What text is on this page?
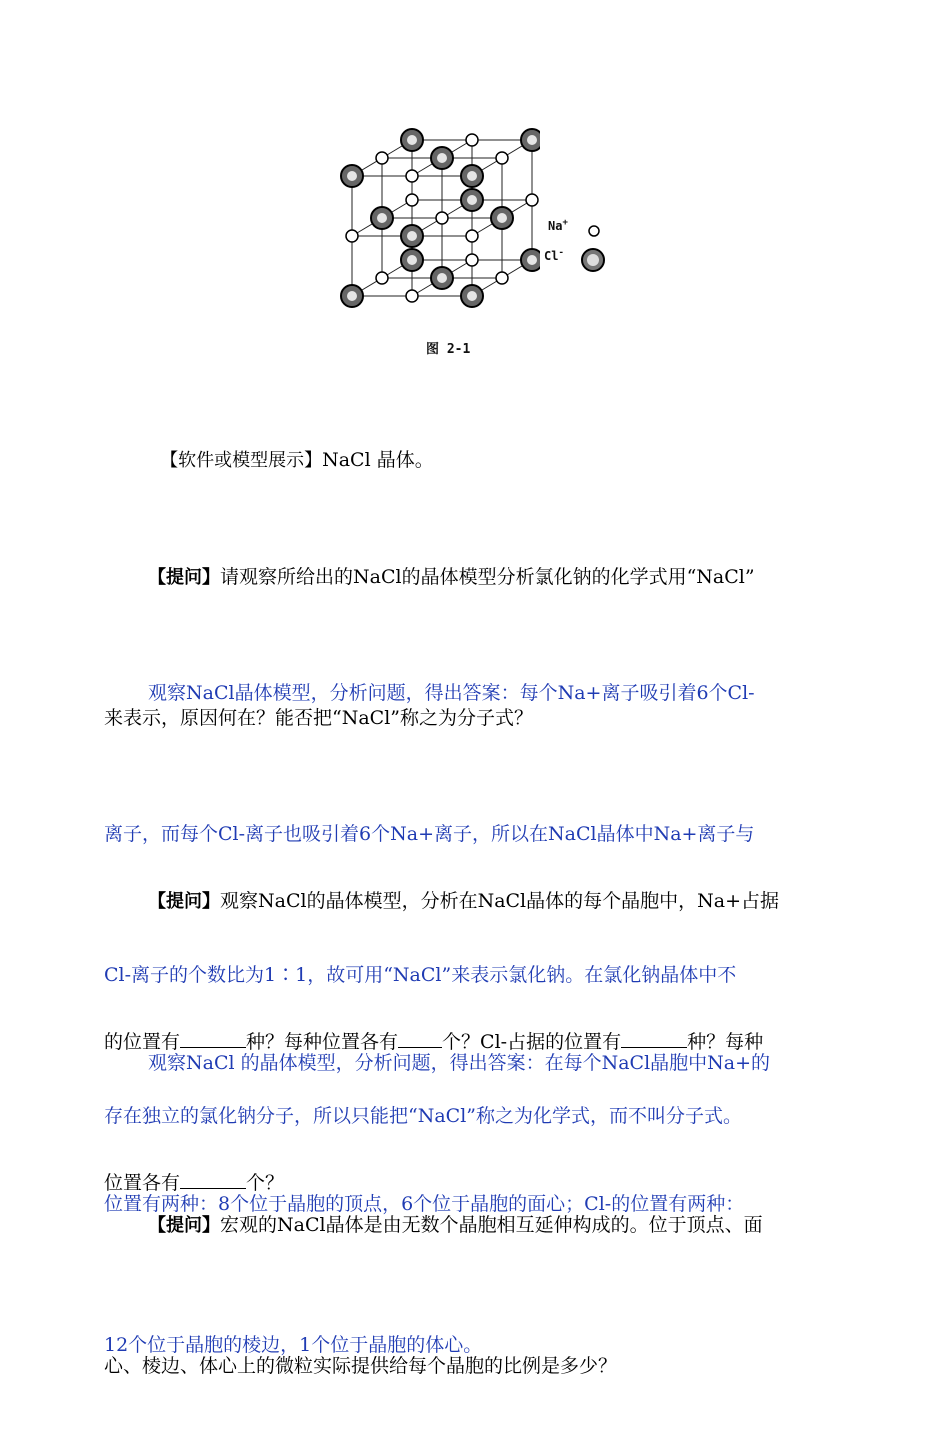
Na+
Cl-
图 2-1

【软件或模型展示】NaCl 晶体。

【提问】请观察所给出的NaCl的晶体模型分析氯化钠的化学式用“NaCl”

来表示，原因何在？能否把“NaCl”称之为分子式？

观察NaCl晶体模型，分析问题，得出答案：每个Na+离子吸引着6个Cl-

离子，而每个Cl-离子也吸引着6个Na+离子，所以在NaCl晶体中Na+离子与

Cl-离子的个数比为1∶1，故可用“NaCl”来表示氯化钠。在氯化钠晶体中不

存在独立的氯化钠分子，所以只能把“NaCl”称之为化学式，而不叫分子式。

【提问】观察NaCl的晶体模型，分析在NaCl晶体的每个晶胞中，Na+占据

的位置有	种？每种位置各有 个？Cl-占据的位置有	种？每种

位置各有	个？

观察NaCl 的晶体模型，分析问题，得出答案：在每个NaCl晶胞中Na+的

位置有两种：8个位于晶胞的顶点，6个位于晶胞的面心；Cl-的位置有两种：

12个位于晶胞的棱边，1个位于晶胞的体心。

【提问】宏观的NaCl晶体是由无数个晶胞相互延伸构成的。位于顶点、面

心、棱边、体心上的微粒实际提供给每个晶胞的比例是多少？
